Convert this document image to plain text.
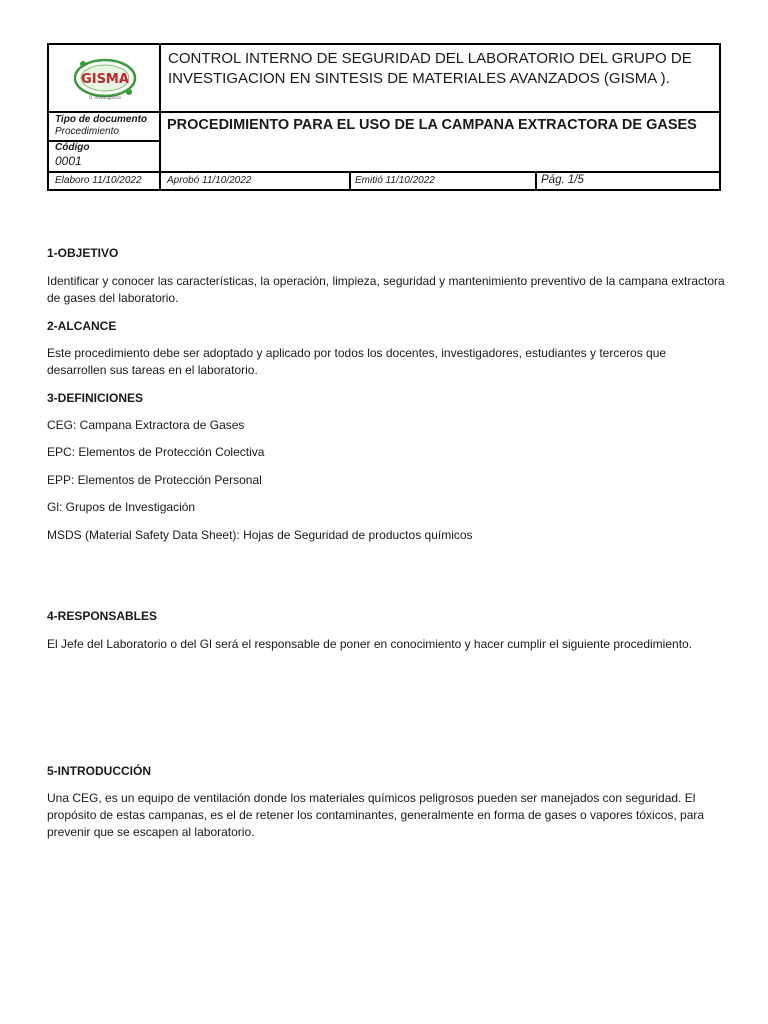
GISMA
Q. Investigación
CONTROL INTERNO DE SEGURIDAD DEL LABORATORIO DEL GRUPO DE INVESTIGACION EN SINTESIS DE MATERIALES AVANZADOS (GISMA ).
Tipo de documento
Procedimiento
Código
0001
PROCEDIMIENTO PARA EL USO DE LA CAMPANA EXTRACTORA DE GASES
Elaboro 11/10/2022	Aprobó 11/10/2022	Emitió 11/10/2022	Pág. 1/5
1-OBJETIVO
Identificar y conocer las características, la operación, limpieza, seguridad y mantenimiento preventivo de la campana extractora de gases del laboratorio.
2-ALCANCE
Este procedimiento debe ser adoptado y aplicado por todos los docentes, investigadores, estudiantes y terceros que desarrollen sus tareas en el laboratorio.
3-DEFINICIONES
CEG: Campana Extractora de Gases
EPC: Elementos de Protección Colectiva
EPP: Elementos de Protección Personal
Gl: Grupos de Investigación
MSDS (Material Safety Data Sheet): Hojas de Seguridad de productos químicos
4-RESPONSABLES
El Jefe del Laboratorio o del Gl será el responsable de poner en conocimiento y hacer cumplir el siguiente procedimiento.
5-INTRODUCCIÓN
Una CEG, es un equipo de ventilación donde los materiales químicos peligrosos pueden ser manejados con seguridad. El propósito de estas campanas, es el de retener los contaminantes, generalmente en forma de gases o vapores tóxicos, para prevenir que se escapen al laboratorio.
